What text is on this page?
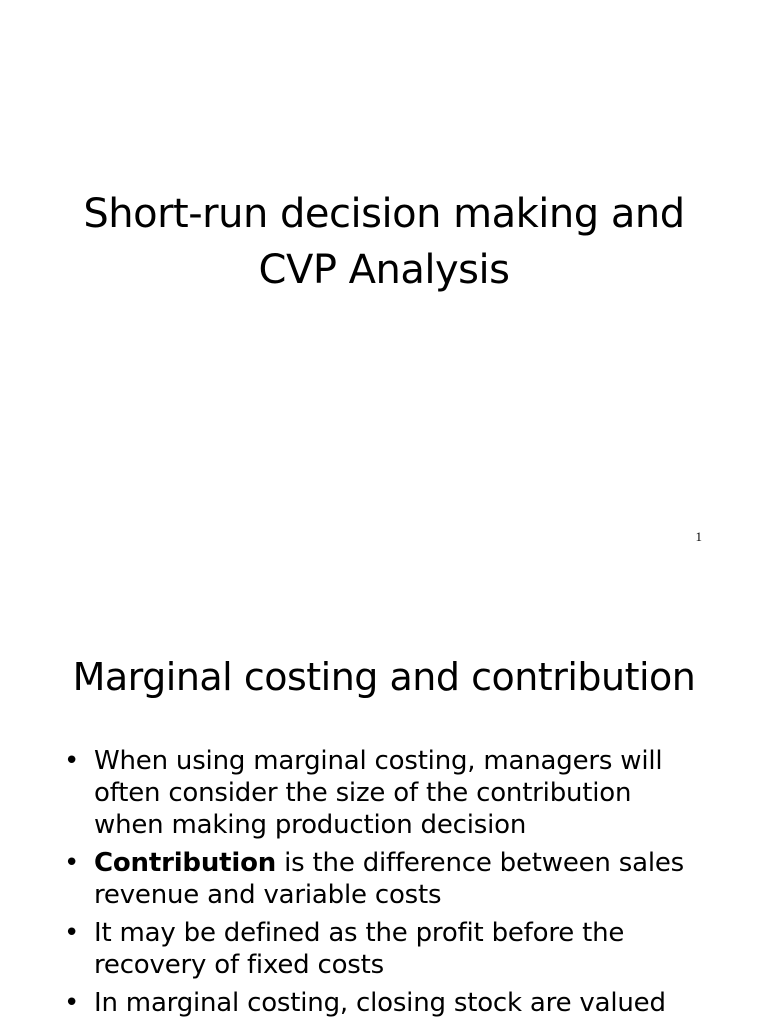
Short-run decision making and
CVP Analysis
1
Marginal costing and contribution
• When using marginal costing, managers will
often consider the size of the contribution
when making production decision
• Contribution is the difference between sales
revenue and variable costs
• It may be defined as the profit before the
recovery of fixed costs
• In marginal costing, closing stock are valued
